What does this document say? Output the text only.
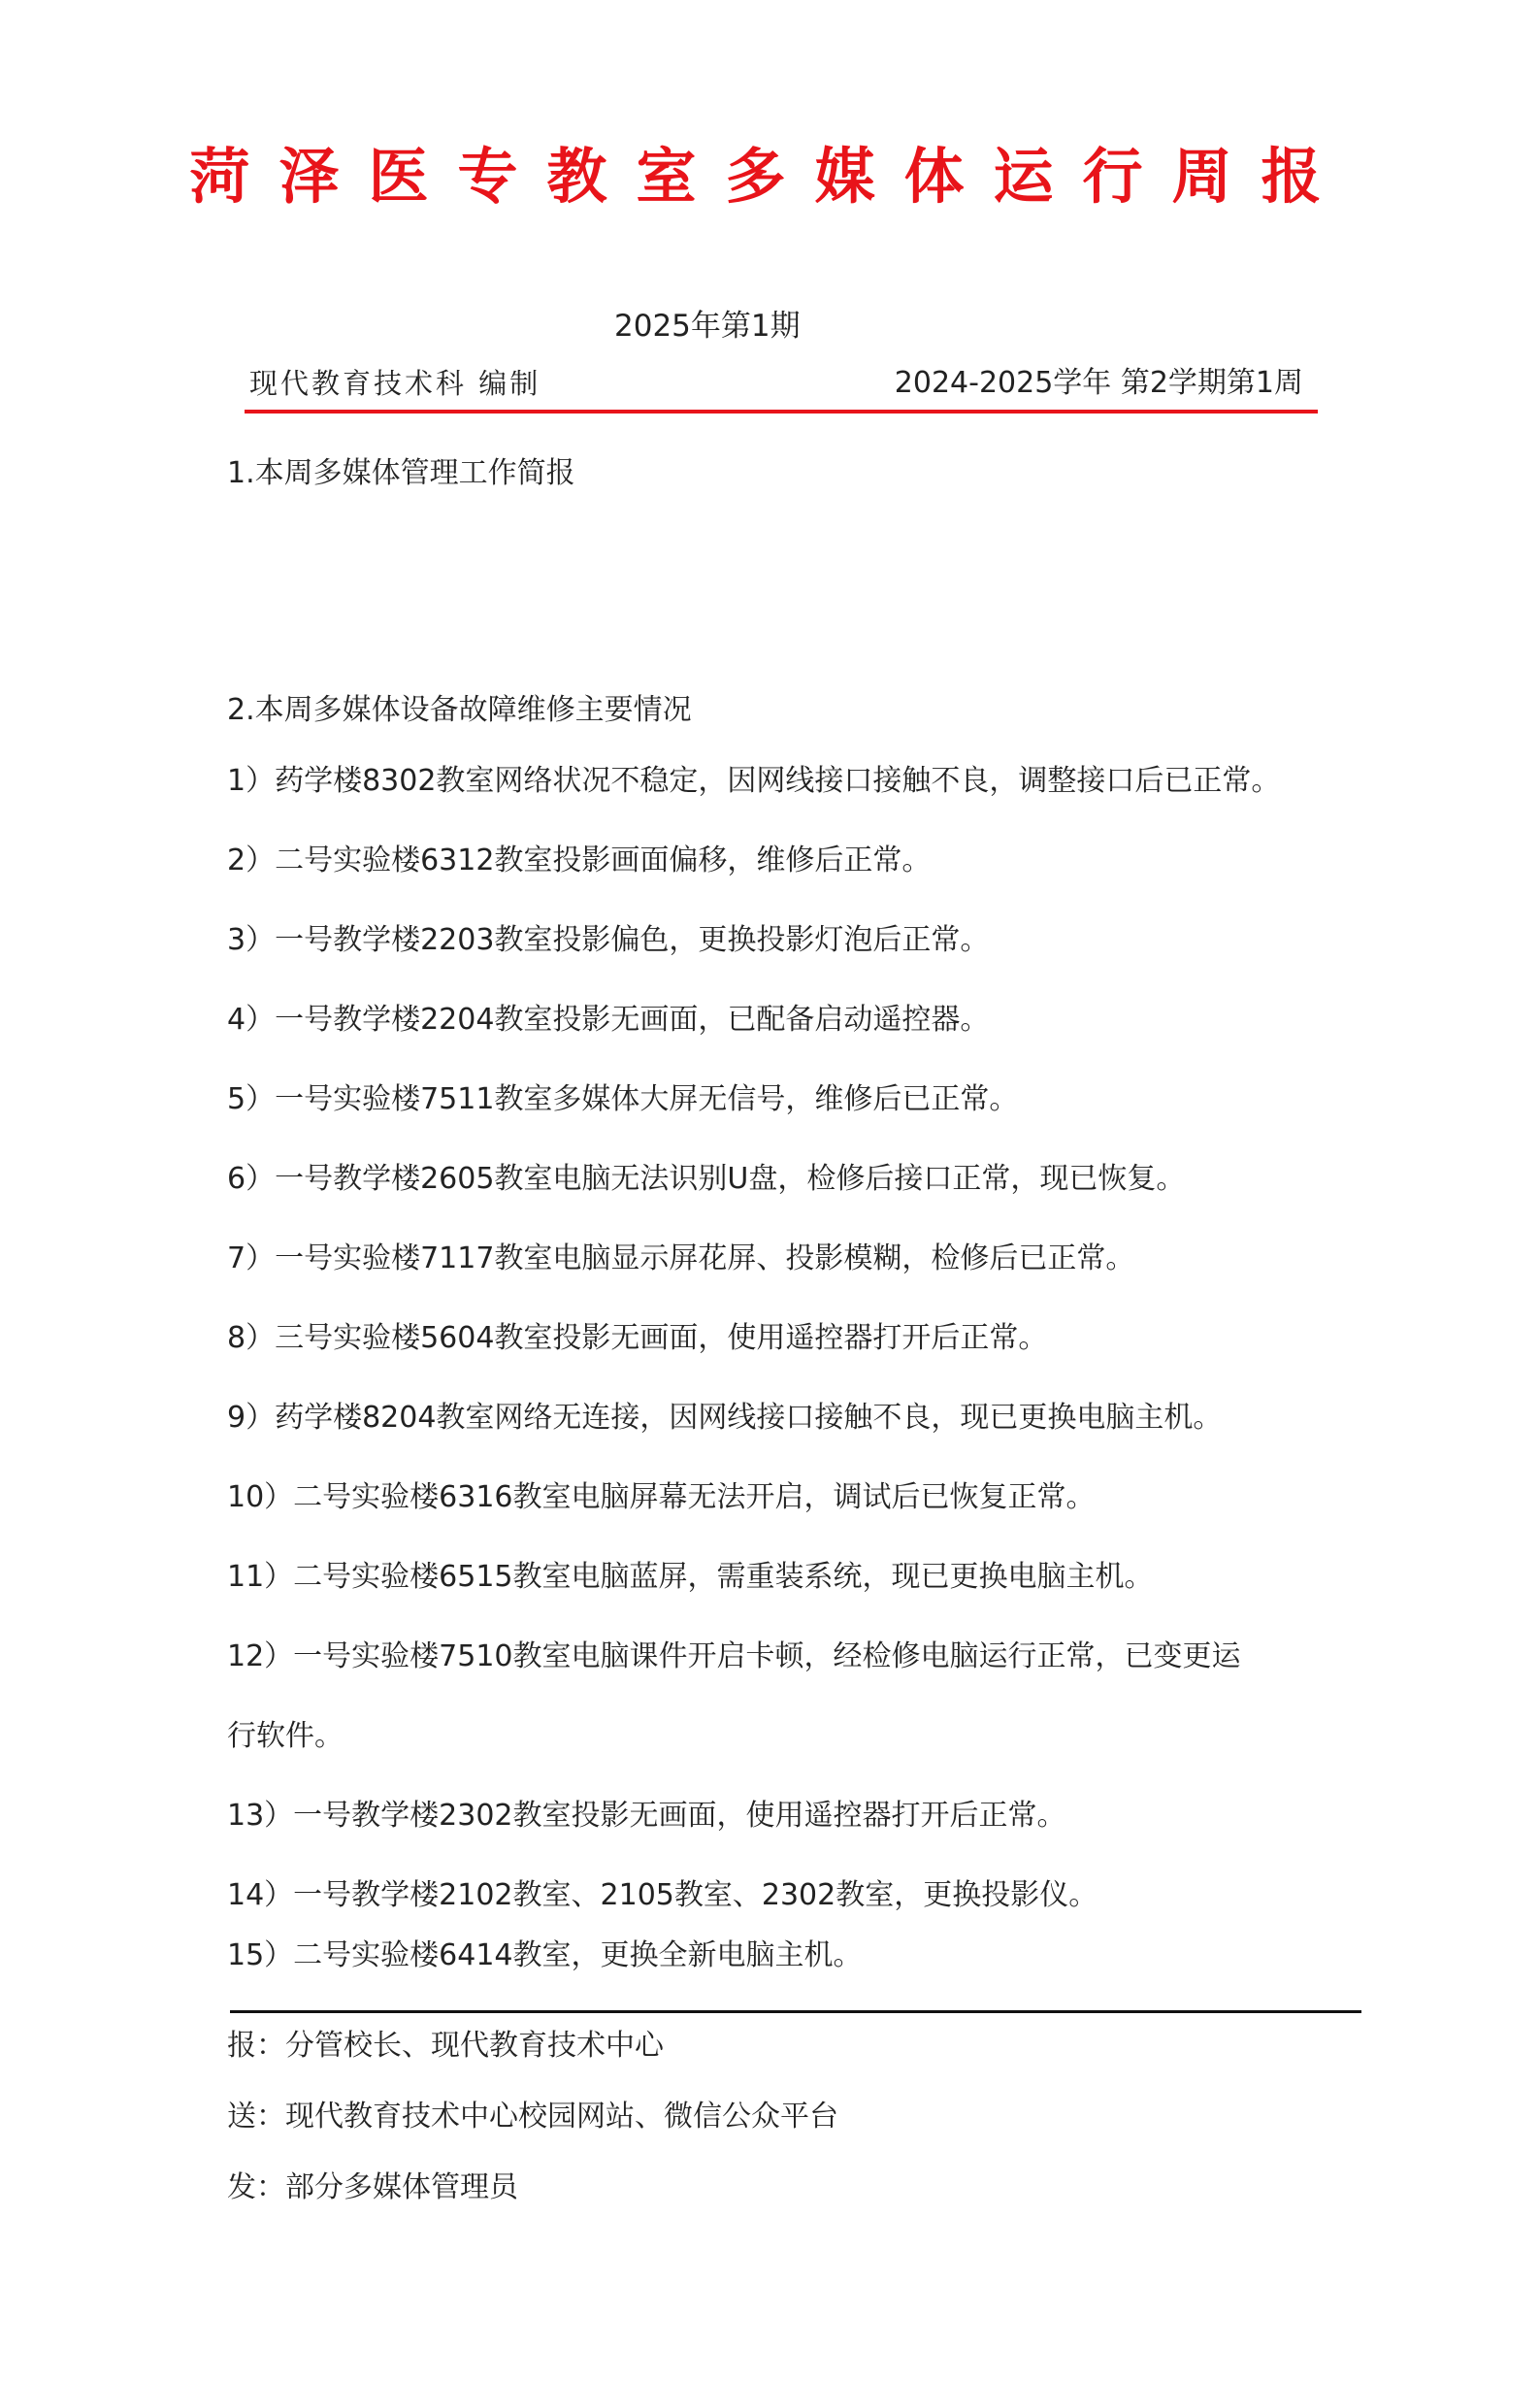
菏泽医专教室多媒体运行周报
2025年第1期
现代教育技术科 编制	2024-2025学年 第2学期第1周
1.本周多媒体管理工作简报
2.本周多媒体设备故障维修主要情况
1）药学楼8302教室网络状况不稳定，因网线接口接触不良，调整接口后已正常。
2）二号实验楼6312教室投影画面偏移，维修后正常。
3）一号教学楼2203教室投影偏色，更换投影灯泡后正常。
4）一号教学楼2204教室投影无画面，已配备启动遥控器。
5）一号实验楼7511教室多媒体大屏无信号，维修后已正常。
6）一号教学楼2605教室电脑无法识别U盘，检修后接口正常，现已恢复。
7）一号实验楼7117教室电脑显示屏花屏、投影模糊，检修后已正常。
8）三号实验楼5604教室投影无画面，使用遥控器打开后正常。
9）药学楼8204教室网络无连接，因网线接口接触不良，现已更换电脑主机。
10）二号实验楼6316教室电脑屏幕无法开启，调试后已恢复正常。
11）二号实验楼6515教室电脑蓝屏，需重装系统，现已更换电脑主机。
12）一号实验楼7510教室电脑课件开启卡顿，经检修电脑运行正常，已变更运
行软件。
13）一号教学楼2302教室投影无画面，使用遥控器打开后正常。
14）一号教学楼2102教室、2105教室、2302教室，更换投影仪。
15）二号实验楼6414教室，更换全新电脑主机。
报：分管校长、现代教育技术中心
送：现代教育技术中心校园网站、微信公众平台
发：部分多媒体管理员
